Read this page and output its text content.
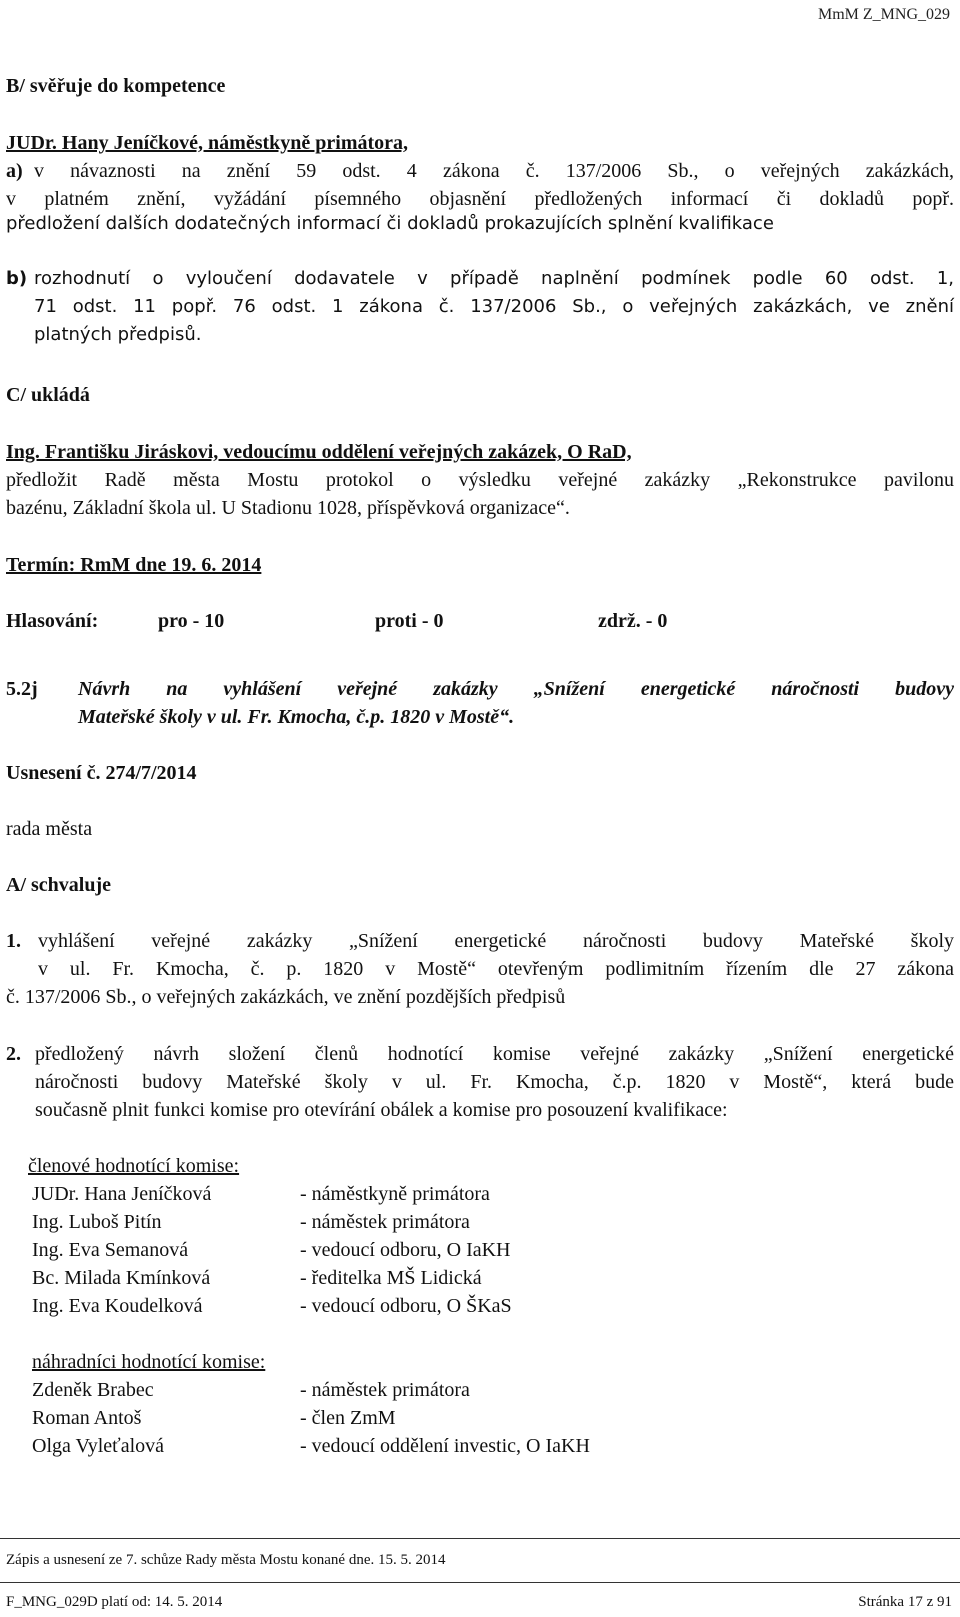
MmM Z_MNG_029
B/ svěřuje do kompetence
JUDr. Hany Jeníčkové, náměstkyně primátora,
a) v návaznosti na znění 59 odst. 4 zákona č. 137/2006 Sb., o veřejných zakázkách,
v platném znění, vyžádání písemného objasnění předložených informací či dokladů popř.
předložení dalších dodatečných informací či dokladů prokazujících splnění kvalifikace
b) rozhodnutí o vyloučení dodavatele v případě naplnění podmínek podle 60 odst. 1,
71 odst. 11 popř. 76 odst. 1 zákona č. 137/2006 Sb., o veřejných zakázkách, ve znění
platných předpisů.
C/ ukládá
Ing. Františku Jiráskovi, vedoucímu oddělení veřejných zakázek, O RaD,
předložit Radě města Mostu protokol o výsledku veřejné zakázky „Rekonstrukce pavilonu
bazénu, Základní škola ul. U Stadionu 1028, příspěvková organizace“.
Termín: RmM dne 19. 6. 2014
Hlasování:	pro - 10	proti - 0	zdrž. - 0
5.2j Návrh na vyhlášení veřejné zakázky „Snížení energetické náročnosti budovy
Mateřské školy v ul. Fr. Kmocha, č.p. 1820 v Mostě“.
Usnesení č. 274/7/2014
rada města
A/ schvaluje
1. vyhlášení veřejné zakázky „Snížení energetické náročnosti budovy Mateřské školy
v ul. Fr. Kmocha, č. p. 1820 v Mostě“ otevřeným podlimitním řízením dle 27 zákona
č. 137/2006 Sb., o veřejných zakázkách, ve znění pozdějších předpisů
2. předložený návrh složení členů hodnotící komise veřejné zakázky „Snížení energetické
náročnosti budovy Mateřské školy v ul. Fr. Kmocha, č.p. 1820 v Mostě“, která bude
současně plnit funkci komise pro otevírání obálek a komise pro posouzení kvalifikace:
členové hodnotící komise:
JUDr. Hana Jeníčková	- náměstkyně primátora
Ing. Luboš Pitín	- náměstek primátora
Ing. Eva Semanová	- vedoucí odboru, O IaKH
Bc. Milada Kmínková	- ředitelka MŠ Lidická
Ing. Eva Koudelková	- vedoucí odboru, O ŠKaS
náhradníci hodnotící komise:
Zdeněk Brabec	- náměstek primátora
Roman Antoš	- člen ZmM
Olga Vyleťalová	- vedoucí oddělení investic, O IaKH
Zápis a usnesení ze 7. schůze Rady města Mostu konané dne. 15. 5. 2014
F_MNG_029D platí od: 14. 5. 2014	Stránka 17 z 91
